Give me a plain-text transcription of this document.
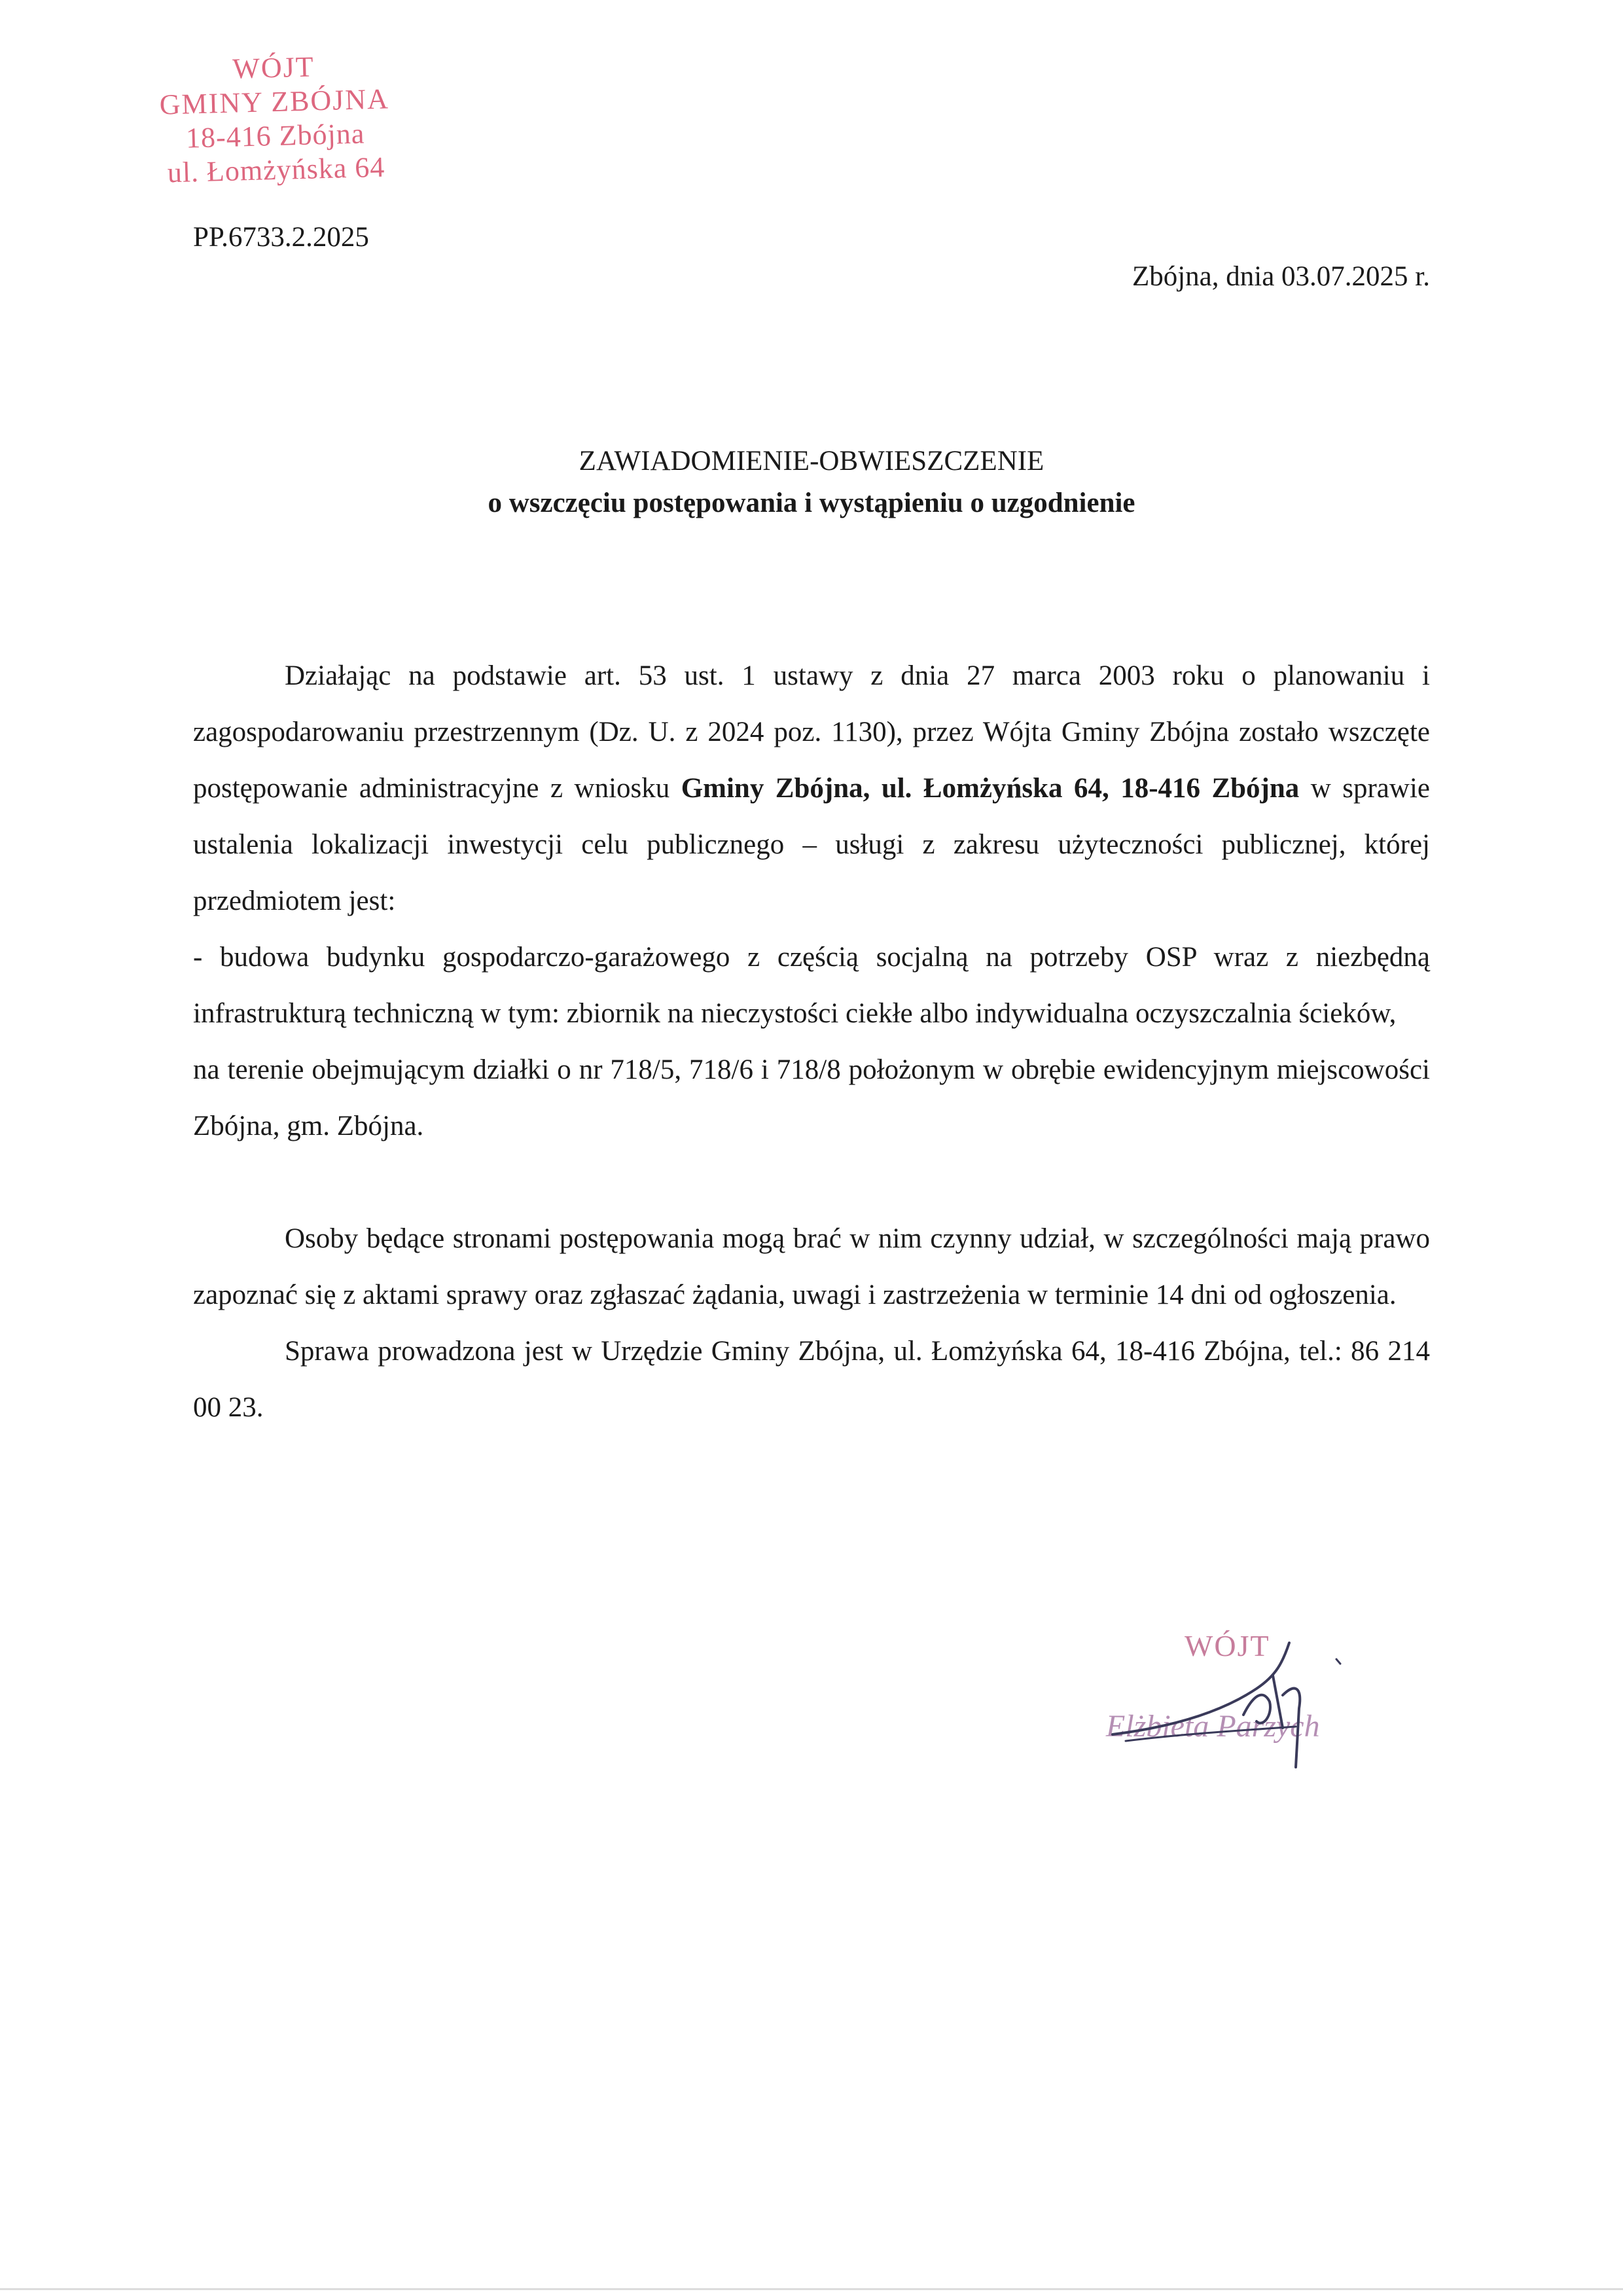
WÓJT
GMINY ZBÓJNA
18-416 Zbójna
ul. Łomżyńska 64
PP.6733.2.2025
Zbójna, dnia 03.07.2025 r.
ZAWIADOMIENIE-OBWIESZCZENIE
o wszczęciu postępowania i wystąpieniu o uzgodnienie

Działając na podstawie art. 53 ust. 1 ustawy z dnia 27 marca 2003 roku o planowaniu i zagospodarowaniu przestrzennym (Dz. U. z 2024 poz. 1130), przez Wójta Gminy Zbójna zostało wszczęte postępowanie administracyjne z wniosku Gminy Zbójna, ul. Łomżyńska 64, 18-416 Zbójna w sprawie ustalenia lokalizacji inwestycji celu publicznego – usługi z zakresu użyteczności publicznej, której przedmiotem jest:

- budowa budynku gospodarczo-garażowego z częścią socjalną na potrzeby OSP wraz z niezbędną infrastrukturą techniczną w tym: zbiornik na nieczystości ciekłe albo indywidualna oczyszczalnia ścieków,

na terenie obejmującym działki o nr 718/5, 718/6 i 718/8 położonym w obrębie ewidencyjnym miejscowości Zbójna, gm. Zbójna.

Osoby będące stronami postępowania mogą brać w nim czynny udział, w szczególności mają prawo zapoznać się z aktami sprawy oraz zgłaszać żądania, uwagi i zastrzeżenia w terminie 14 dni od ogłoszenia.

Sprawa prowadzona jest w Urzędzie Gminy Zbójna, ul. Łomżyńska 64, 18-416 Zbójna, tel.: 86 214 00 23.

WÓJT
Elżbieta Parzych
